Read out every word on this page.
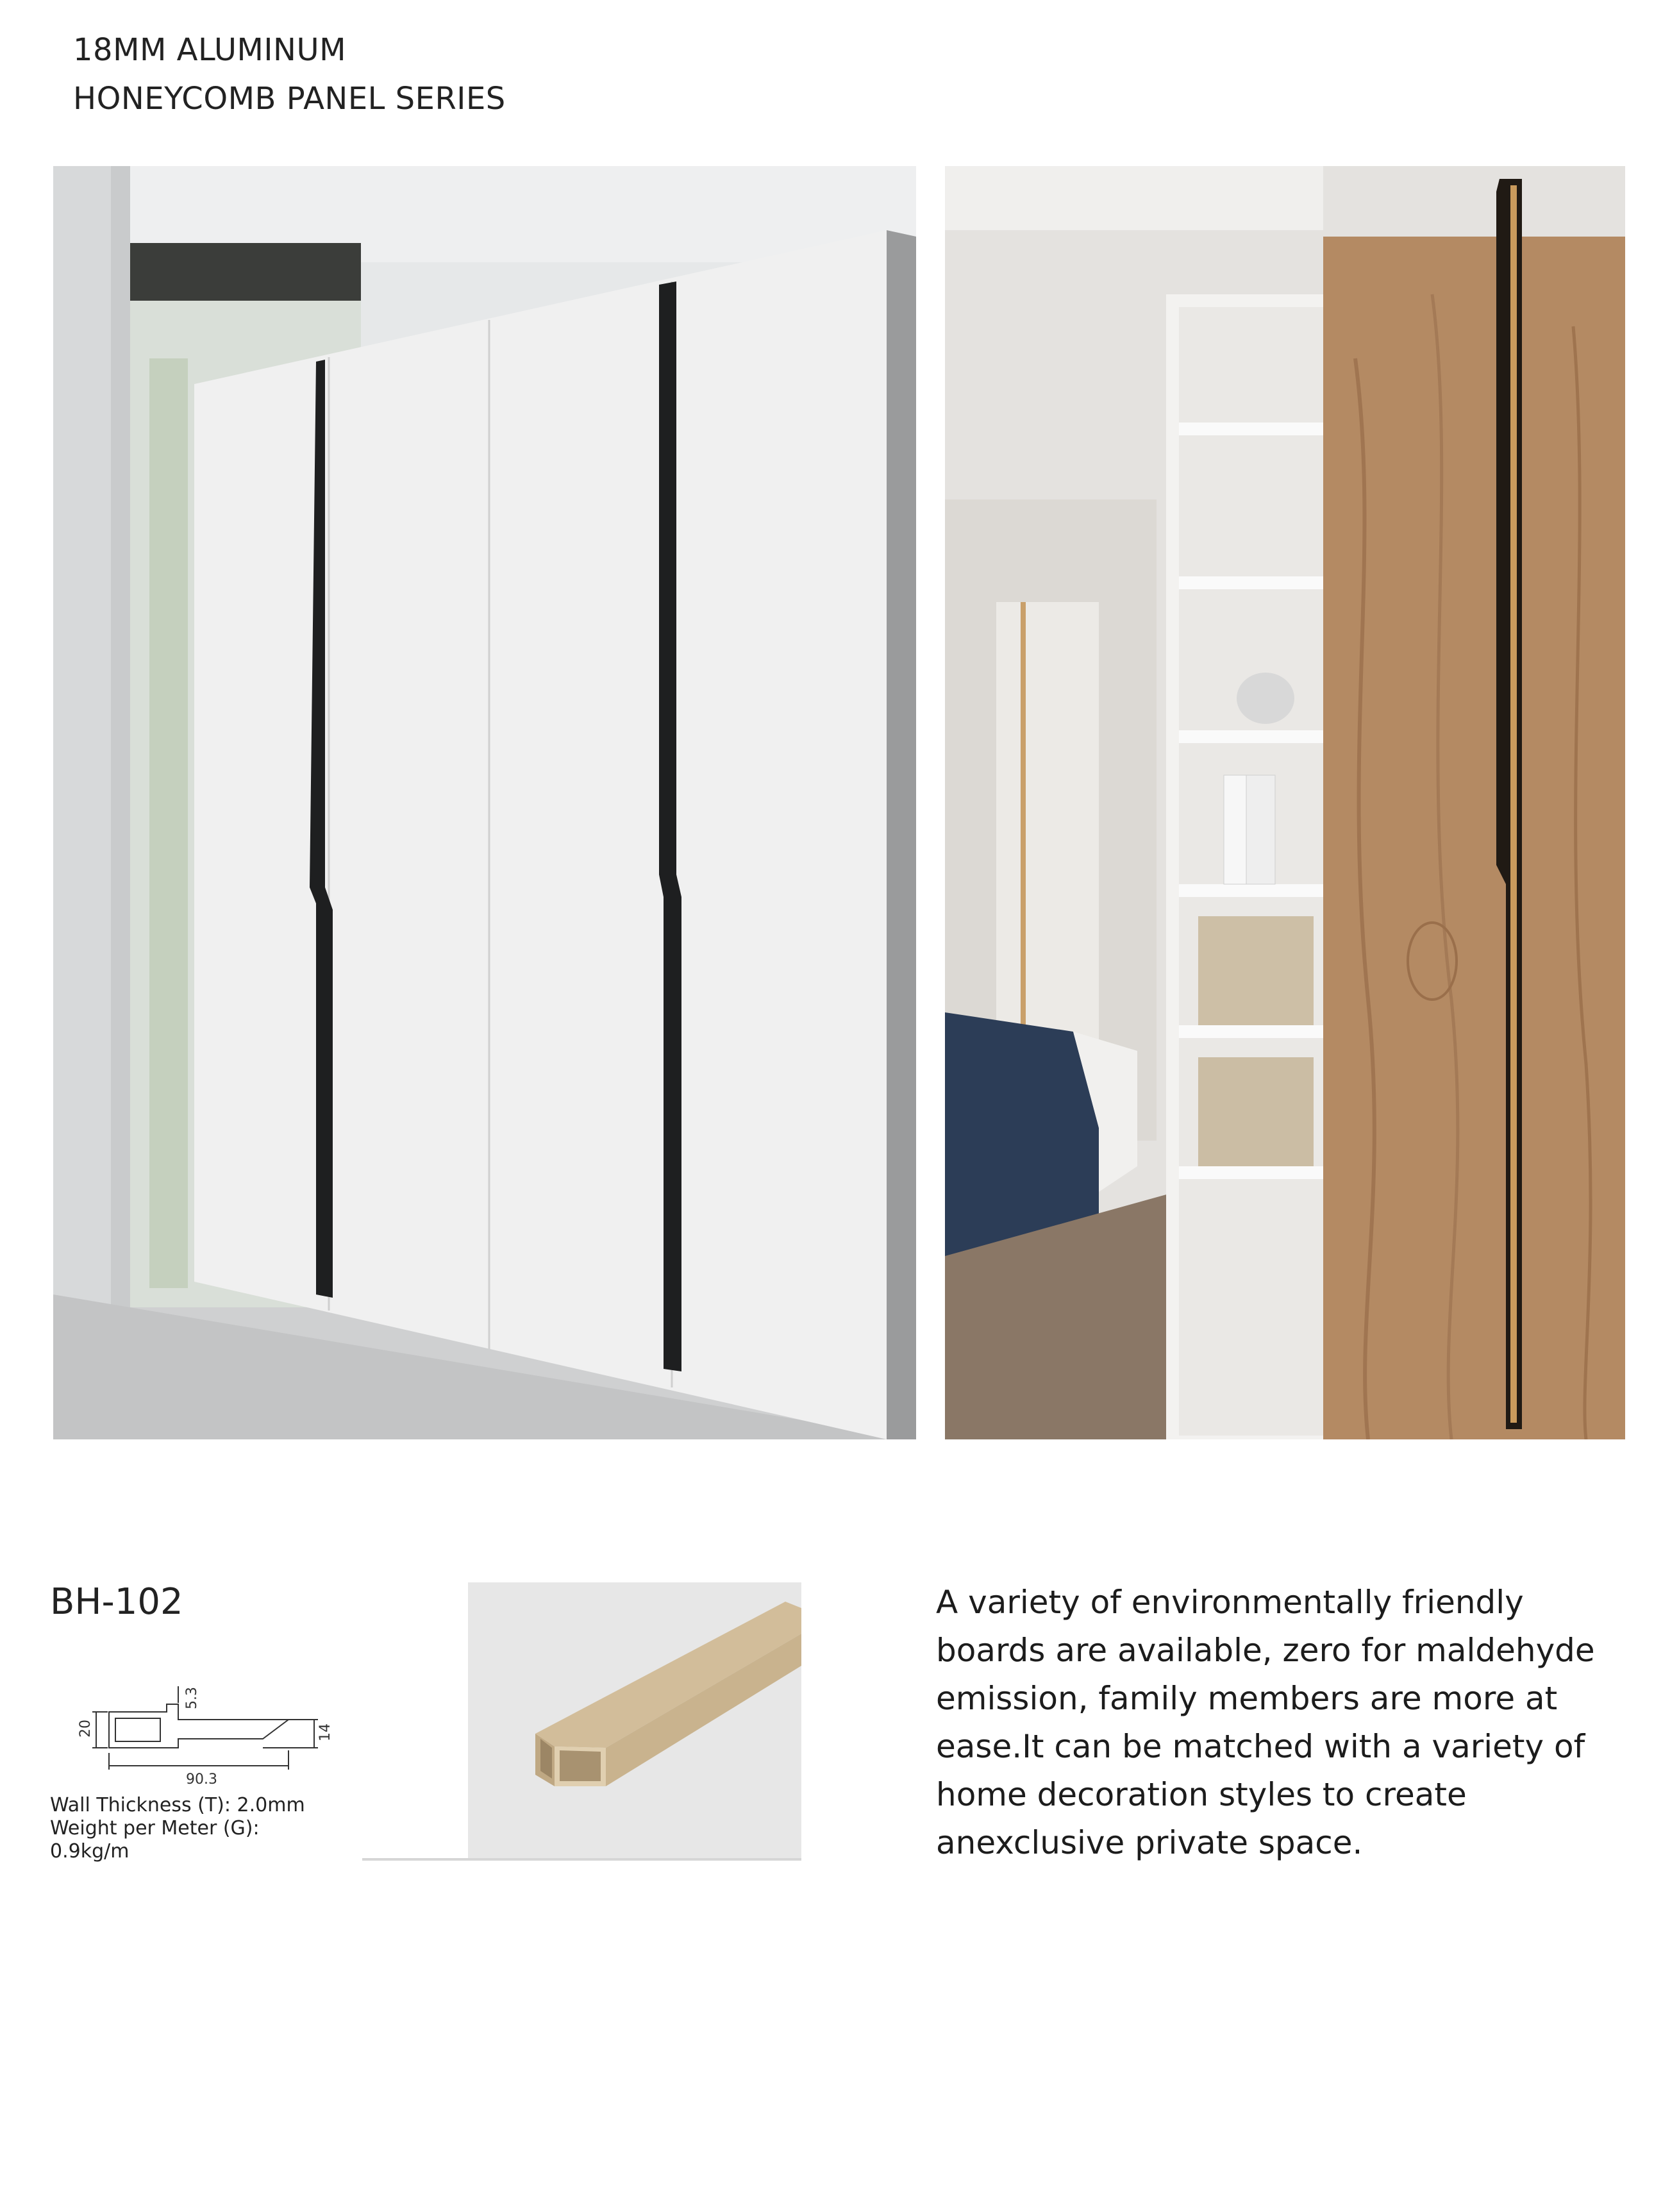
18MM ALUMINUM
HONEYCOMB PANEL SERIES
BH-102
20
5.3
14
90.3
Wall Thickness (T): 2.0mm
Weight per Meter (G):
0.9kg/m
A variety of environmentally friendly boards are available, zero for maldehyde emission, family members are more at ease.It can be matched with a variety of home decoration styles to create anexclusive private space.
